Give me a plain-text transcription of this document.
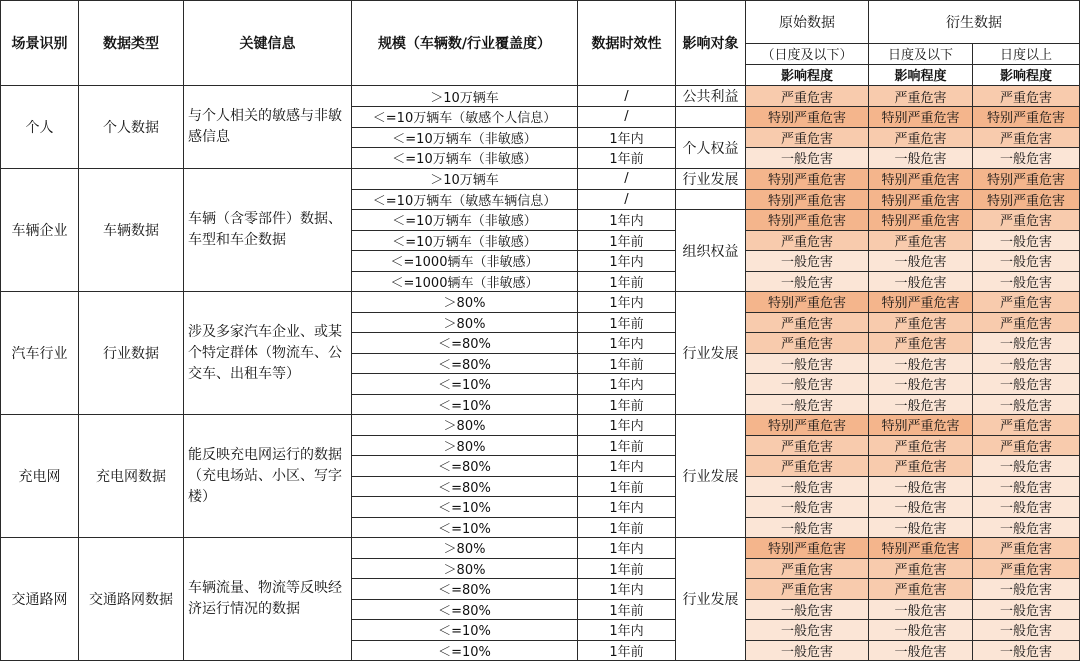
场景识别	数据类型	关键信息	规模（车辆数/行业覆盖度）	数据时效性	影响对象	原始数据	衍生数据	
						（日度及以下）	日度及以下	日度以上
						影响程度	影响程度	影响程度
个人	个人数据	与个人相关的敏感与非敏感信息	＞10万辆车	/	公共利益	严重危害	严重危害	严重危害
			＜=10万辆车（敏感个人信息）	/		特别严重危害	特别严重危害	特别严重危害
			＜=10万辆车（非敏感）	1年内	个人权益	严重危害	严重危害	严重危害
			＜=10万辆车（非敏感）	1年前		一般危害	一般危害	一般危害
车辆企业	车辆数据	车辆（含零部件）数据、车型和车企数据	＞10万辆车	/	行业发展	特别严重危害	特别严重危害	特别严重危害
			＜=10万辆车（敏感车辆信息）	/		特别严重危害	特别严重危害	特别严重危害
			＜=10万辆车（非敏感）	1年内	组织权益	特别严重危害	特别严重危害	严重危害
			＜=10万辆车（非敏感）	1年前		严重危害	严重危害	一般危害
			＜=1000辆车（非敏感）	1年内		一般危害	一般危害	一般危害
			＜=1000辆车（非敏感）	1年前		一般危害	一般危害	一般危害
汽车行业	行业数据	涉及多家汽车企业、或某个特定群体（物流车、公交车、出租车等）	＞80%	1年内	行业发展	特别严重危害	特别严重危害	严重危害
			＞80%	1年前		严重危害	严重危害	严重危害
			＜=80%	1年内		严重危害	严重危害	一般危害
			＜=80%	1年前		一般危害	一般危害	一般危害
			＜=10%	1年内		一般危害	一般危害	一般危害
			＜=10%	1年前		一般危害	一般危害	一般危害
充电网	充电网数据	能反映充电网运行的数据（充电场站、小区、写字楼）	＞80%	1年内	行业发展	特别严重危害	特别严重危害	严重危害
			＞80%	1年前		严重危害	严重危害	严重危害
			＜=80%	1年内		严重危害	严重危害	一般危害
			＜=80%	1年前		一般危害	一般危害	一般危害
			＜=10%	1年内		一般危害	一般危害	一般危害
			＜=10%	1年前		一般危害	一般危害	一般危害
交通路网	交通路网数据	车辆流量、物流等反映经济运行情况的数据	＞80%	1年内	行业发展	特别严重危害	特别严重危害	严重危害
			＞80%	1年前		严重危害	严重危害	严重危害
			＜=80%	1年内		严重危害	严重危害	一般危害
			＜=80%	1年前		一般危害	一般危害	一般危害
			＜=10%	1年内		一般危害	一般危害	一般危害
			＜=10%	1年前		一般危害	一般危害	一般危害
